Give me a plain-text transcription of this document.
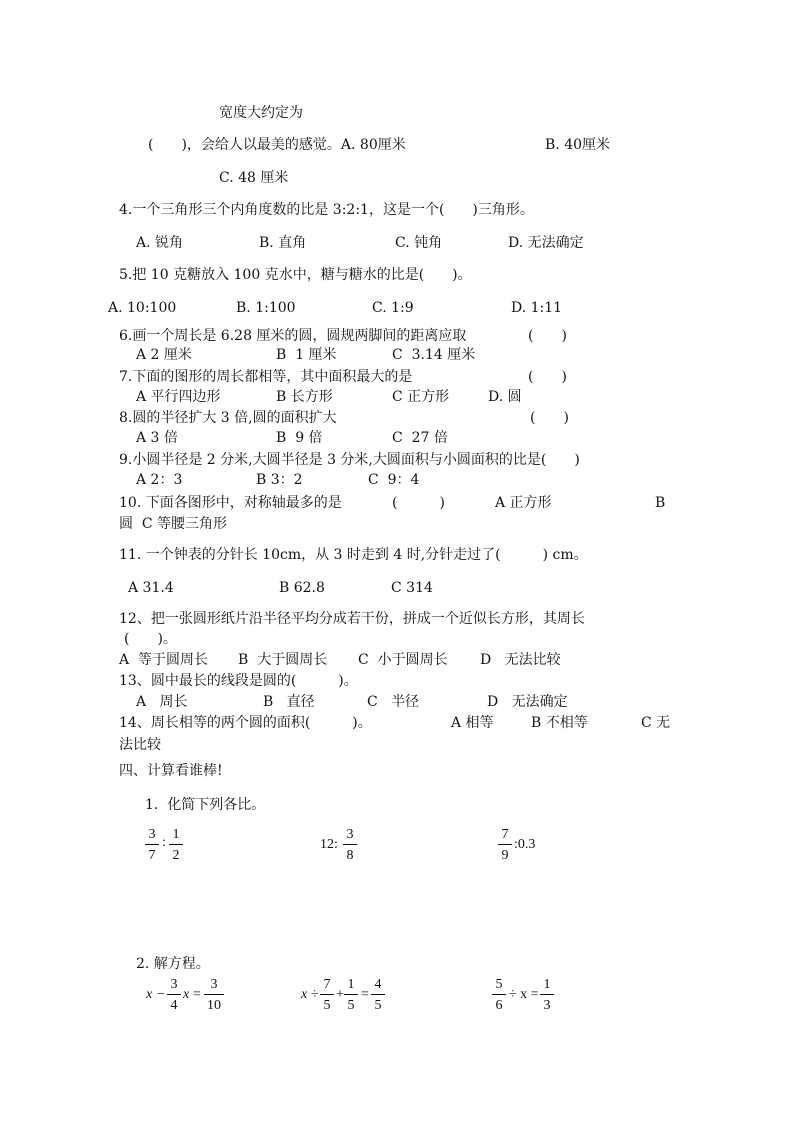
宽度大约定为
(　　)，会给人以最美的感觉。A. 80厘米	B. 40厘米
C. 48 厘米
4.一个三角形三个内角度数的比是 3:2:1，这是一个(　　)三角形。
A. 锐角	B. 直角	C. 钝角	D. 无法确定
5.把 10 克糖放入 100 克水中，糖与糖水的比是(　　)。
A. 10:100	B. 1:100	C. 1:9	D. 1:11
6.画一个周长是 6.28 厘米的圆，圆规两脚间的距离应取	(　　)
A 2 厘米	B  1 厘米	C  3.14 厘米
7.下面的图形的周长都相等，其中面积最大的是	(　　)
A 平行四边形	B 长方形	C 正方形	D. 圆
8.圆的半径扩大 3 倍,圆的面积扩大	(　　)
A 3 倍	B  9 倍	C  27 倍
9.小圆半径是 2 分米,大圆半径是 3 分米,大圆面积与小圆面积的比是(　　)
A 2：3	B 3：2	C  9：4
10. 下面各图形中，对称轴最多的是	(　　　)	A 正方形	B
圆  C 等腰三角形
11. 一个钟表的分针长 10cm，从 3 时走到 4 时,分针走过了(　　　) cm。
A 31.4	B 62.8	C 314
12、把一张圆形纸片沿半径平均分成若干份，拼成一个近似长方形，其周长
(　　)。
A  等于圆周长 B  大于圆周长 C  小于圆周长 D   无法比较
13、圆中最长的线段是圆的(　　　)。
A   周长	B   直径	C   半径	D   无法确定
14、周长相等的两个圆的面积(　　　)。	A 相等	B 不相等	C 无
法比较
四、计算看谁棒!
1.  化简下列各比。
3
7
:
1
2
12:
3
8
7
9
:0.3
2. 解方程。
x −
3
4
x =
3
10
x ÷
7
5
+
1
5
=
4
5
5
6
÷ x =
1
3
